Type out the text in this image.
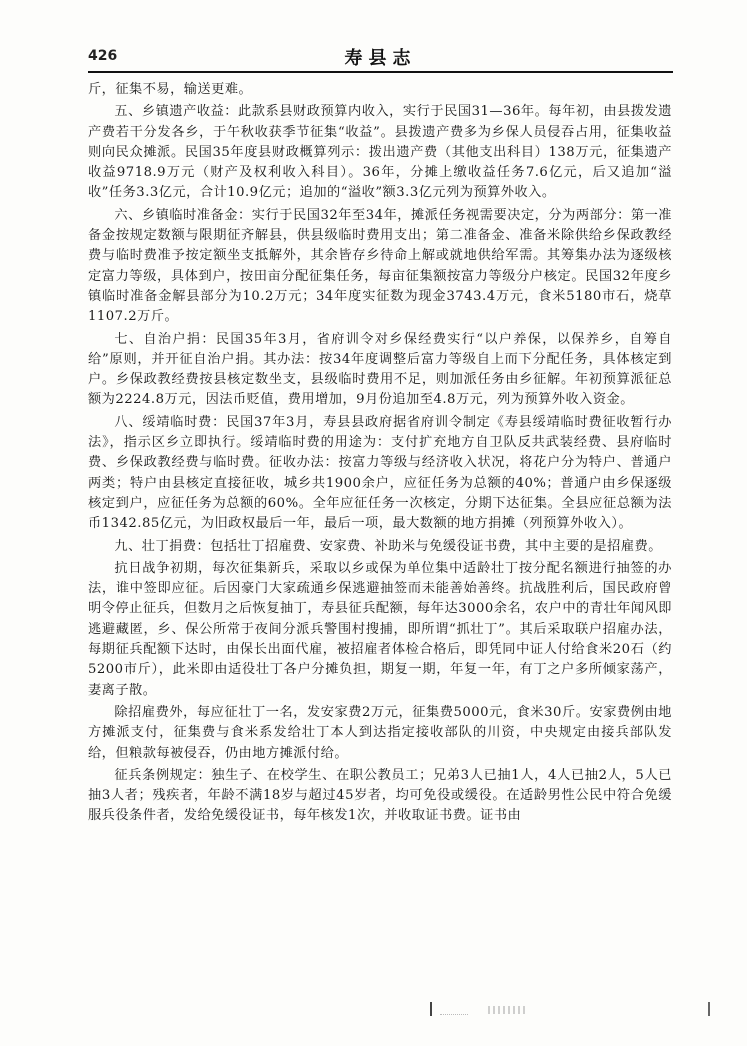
426	寿县志

斤，征集不易，输送更难。

五、乡镇遗产收益：此款系县财政预算内收入，实行于民国31—36年。每年初，由县拨发遗产费若干分发各乡，于午秋收获季节征集“收益”。县拨遗产费多为乡保人员侵吞占用，征集收益则向民众摊派。民国35年度县财政概算列示：拨出遗产费（其他支出科目）138万元，征集遗产收益9718.9万元（财产及权利收入科目）。36年，分摊上缴收益任务7.6亿元，后又追加“溢收”任务3.3亿元，合计10.9亿元；追加的“溢收”额3.3亿元列为预算外收入。

六、乡镇临时准备金：实行于民国32年至34年，摊派任务视需要决定，分为两部分：第一准备金按规定数额与限期征齐解县，供县级临时费用支出；第二准备金、准备米除供给乡保政教经费与临时费准予按定额坐支抵解外，其余皆存乡待命上解或就地供给军需。其筹集办法为逐级核定富力等级，具体到户，按田亩分配征集任务，每亩征集额按富力等级分户核定。民国32年度乡镇临时准备金解县部分为10.2万元；34年度实征数为现金3743.4万元，食米5180市石，烧草1107.2万斤。

七、自治户捐：民国35年3月，省府训令对乡保经费实行“以户养保，以保养乡，自筹自给”原则，并开征自治户捐。其办法：按34年度调整后富力等级自上而下分配任务，具体核定到户。乡保政教经费按县核定数坐支，县级临时费用不足，则加派任务由乡征解。年初预算派征总额为2224.8万元，因法币贬值，费用增加，9月份追加至4.8万元，列为预算外收入资金。

八、绥靖临时费：民国37年3月，寿县县政府据省府训令制定《寿县绥靖临时费征收暂行办法》，指示区乡立即执行。绥靖临时费的用途为：支付扩充地方自卫队反共武装经费、县府临时费、乡保政教经费与临时费。征收办法：按富力等级与经济收入状况，将花户分为特户、普通户两类；特户由县核定直接征收，城乡共1900余户，应征任务为总额的40%；普通户由乡保逐级核定到户，应征任务为总额的60%。全年应征任务一次核定，分期下达征集。全县应征总额为法币1342.85亿元，为旧政权最后一年，最后一项，最大数额的地方捐摊（列预算外收入）。

九、壮丁捐费：包括壮丁招雇费、安家费、补助米与免缓役证书费，其中主要的是招雇费。

抗日战争初期，每次征集新兵，采取以乡或保为单位集中适龄壮丁按分配名额进行抽签的办法，谁中签即应征。后因豪门大家疏通乡保逃避抽签而未能善始善终。抗战胜利后，国民政府曾明令停止征兵，但数月之后恢复抽丁，寿县征兵配额，每年达3000余名，农户中的青壮年闻风即逃避藏匿，乡、保公所常于夜间分派兵警围村搜捕，即所谓“抓壮丁”。其后采取联户招雇办法，每期征兵配额下达时，由保长出面代雇，被招雇者体检合格后，即凭同中证人付给食米20石（约5200市斤），此米即由适役壮丁各户分摊负担，期复一期，年复一年，有丁之户多所倾家荡产，妻离子散。

除招雇费外，每应征壮丁一名，发安家费2万元，征集费5000元，食米30斤。安家费例由地方摊派支付，征集费与食米系发给壮丁本人到达指定接收部队的川资，中央规定由接兵部队发给，但粮款每被侵吞，仍由地方摊派付给。

征兵条例规定：独生子、在校学生、在职公教员工；兄弟3人已抽1人，4人已抽2人，5人已抽3人者；残疾者，年龄不满18岁与超过45岁者，均可免役或缓役。在适龄男性公民中符合免缓服兵役条件者，发给免缓役证书，每年核发1次，并收取证书费。证书由
